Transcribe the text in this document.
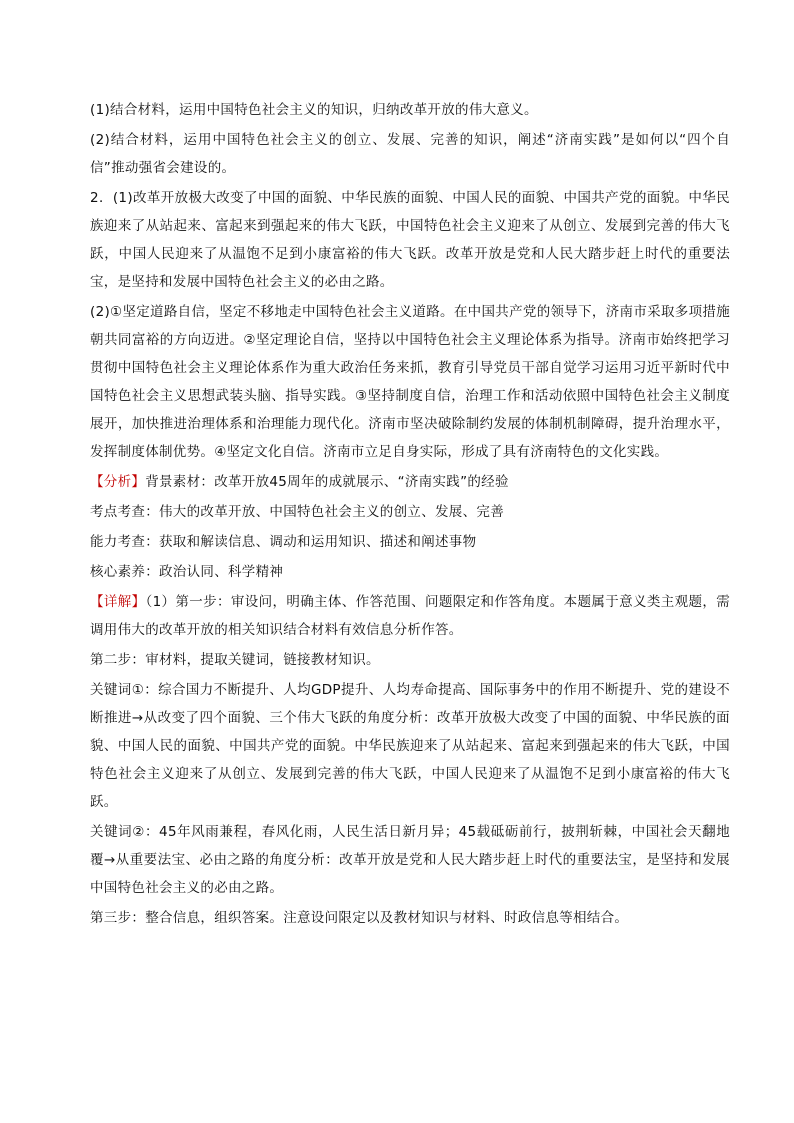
(1)结合材料，运用中国特色社会主义的知识，归纳改革开放的伟大意义。

(2)结合材料，运用中国特色社会主义的创立、发展、完善的知识，阐述“济南实践”是如何以“四个自信”推动强省会建设的。

2．(1)改革开放极大改变了中国的面貌、中华民族的面貌、中国人民的面貌、中国共产党的面貌。中华民族迎来了从站起来、富起来到强起来的伟大飞跃，中国特色社会主义迎来了从创立、发展到完善的伟大飞跃，中国人民迎来了从温饱不足到小康富裕的伟大飞跃。改革开放是党和人民大踏步赶上时代的重要法宝，是坚持和发展中国特色社会主义的必由之路。

(2)①坚定道路自信，坚定不移地走中国特色社会主义道路。在中国共产党的领导下，济南市采取多项措施朝共同富裕的方向迈进。②坚定理论自信，坚持以中国特色社会主义理论体系为指导。济南市始终把学习贯彻中国特色社会主义理论体系作为重大政治任务来抓，教育引导党员干部自觉学习运用习近平新时代中国特色社会主义思想武装头脑、指导实践。③坚持制度自信，治理工作和活动依照中国特色社会主义制度展开，加快推进治理体系和治理能力现代化。济南市坚决破除制约发展的体制机制障碍，提升治理水平，发挥制度体制优势。④坚定文化自信。济南市立足自身实际，形成了具有济南特色的文化实践。

【分析】背景素材：改革开放45周年的成就展示、“济南实践”的经验

考点考查：伟大的改革开放、中国特色社会主义的创立、发展、完善

能力考查：获取和解读信息、调动和运用知识、描述和阐述事物

核心素养：政治认同、科学精神

【详解】（1）第一步：审设问，明确主体、作答范围、问题限定和作答角度。本题属于意义类主观题，需调用伟大的改革开放的相关知识结合材料有效信息分析作答。

第二步：审材料，提取关键词，链接教材知识。

关键词①：综合国力不断提升、人均GDP提升、人均寿命提高、国际事务中的作用不断提升、党的建设不断推进→从改变了四个面貌、三个伟大飞跃的角度分析：改革开放极大改变了中国的面貌、中华民族的面貌、中国人民的面貌、中国共产党的面貌。中华民族迎来了从站起来、富起来到强起来的伟大飞跃，中国特色社会主义迎来了从创立、发展到完善的伟大飞跃，中国人民迎来了从温饱不足到小康富裕的伟大飞跃。

关键词②：45年风雨兼程，春风化雨，人民生活日新月异；45载砥砺前行，披荆斩棘，中国社会天翻地覆→从重要法宝、必由之路的角度分析：改革开放是党和人民大踏步赶上时代的重要法宝，是坚持和发展中国特色社会主义的必由之路。

第三步：整合信息，组织答案。注意设问限定以及教材知识与材料、时政信息等相结合。
